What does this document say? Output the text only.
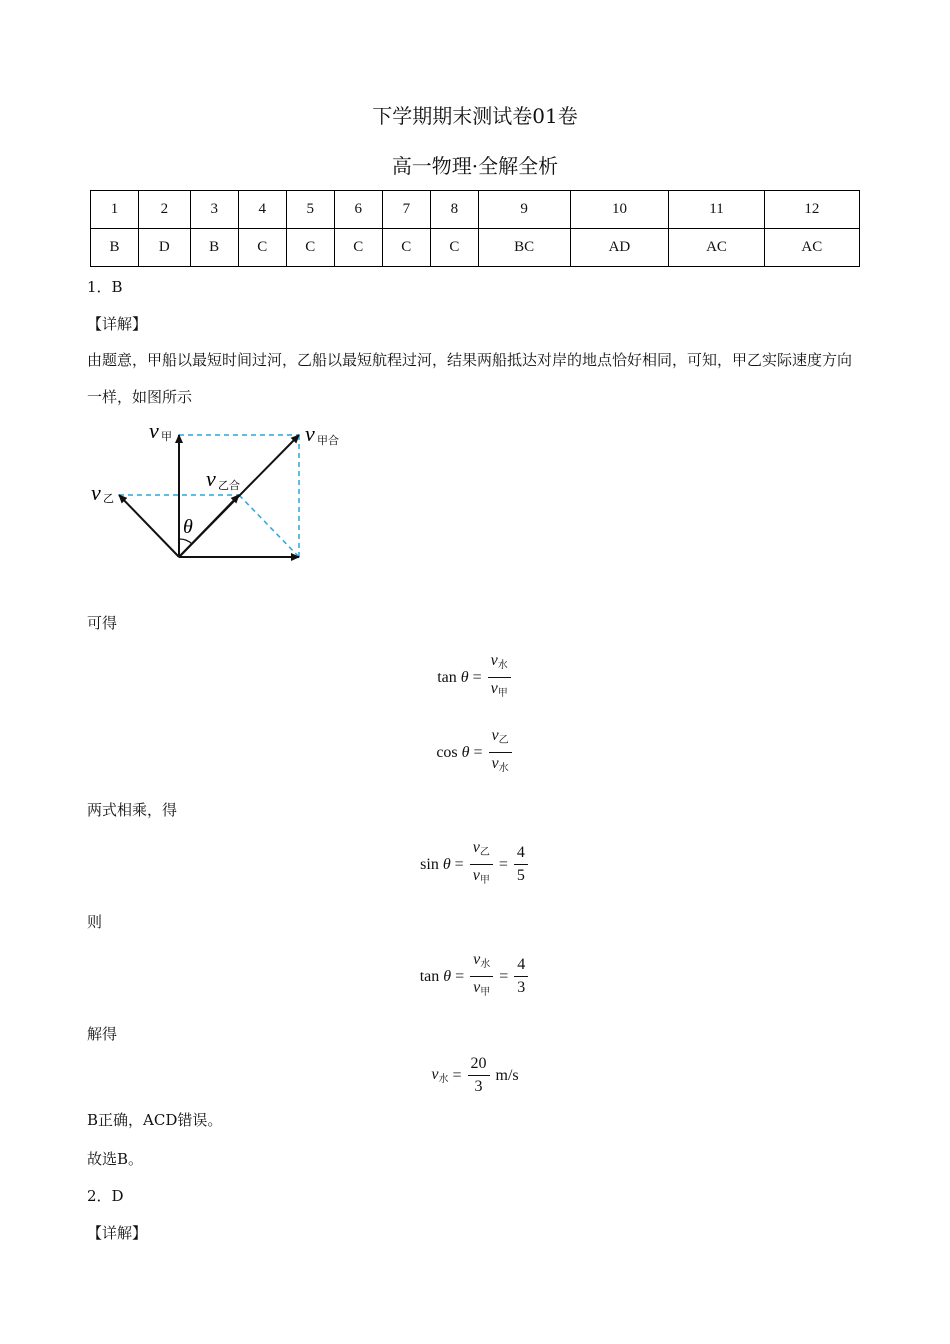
下学期期末测试卷01卷
高一物理·全解全析
1	2	3	4	5	6	7	8	9	10	11	12
B	D	B	C	C	C	C	C	BC	AD	AC	AC
1．B
【详解】
由题意，甲船以最短时间过河，乙船以最短航程过河，结果两船抵达对岸的地点恰好相同，可知，甲乙实际速度方向一样，如图所示
v 甲	v 甲合
v 乙合
v 乙
θ
可得
$\tan \theta = \frac{v_水}{v_甲}$
$\cos \theta = \frac{v_乙}{v_水}$
两式相乘，得
$\sin \theta = \frac{v_乙}{v_甲} = \frac{4}{5}$
则
$\tan \theta = \frac{v_水}{v_甲} = \frac{4}{3}$
解得
$v_水 = \frac{20}{3} m/s$
B正确，ACD错误。
故选B。
2．D
【详解】
